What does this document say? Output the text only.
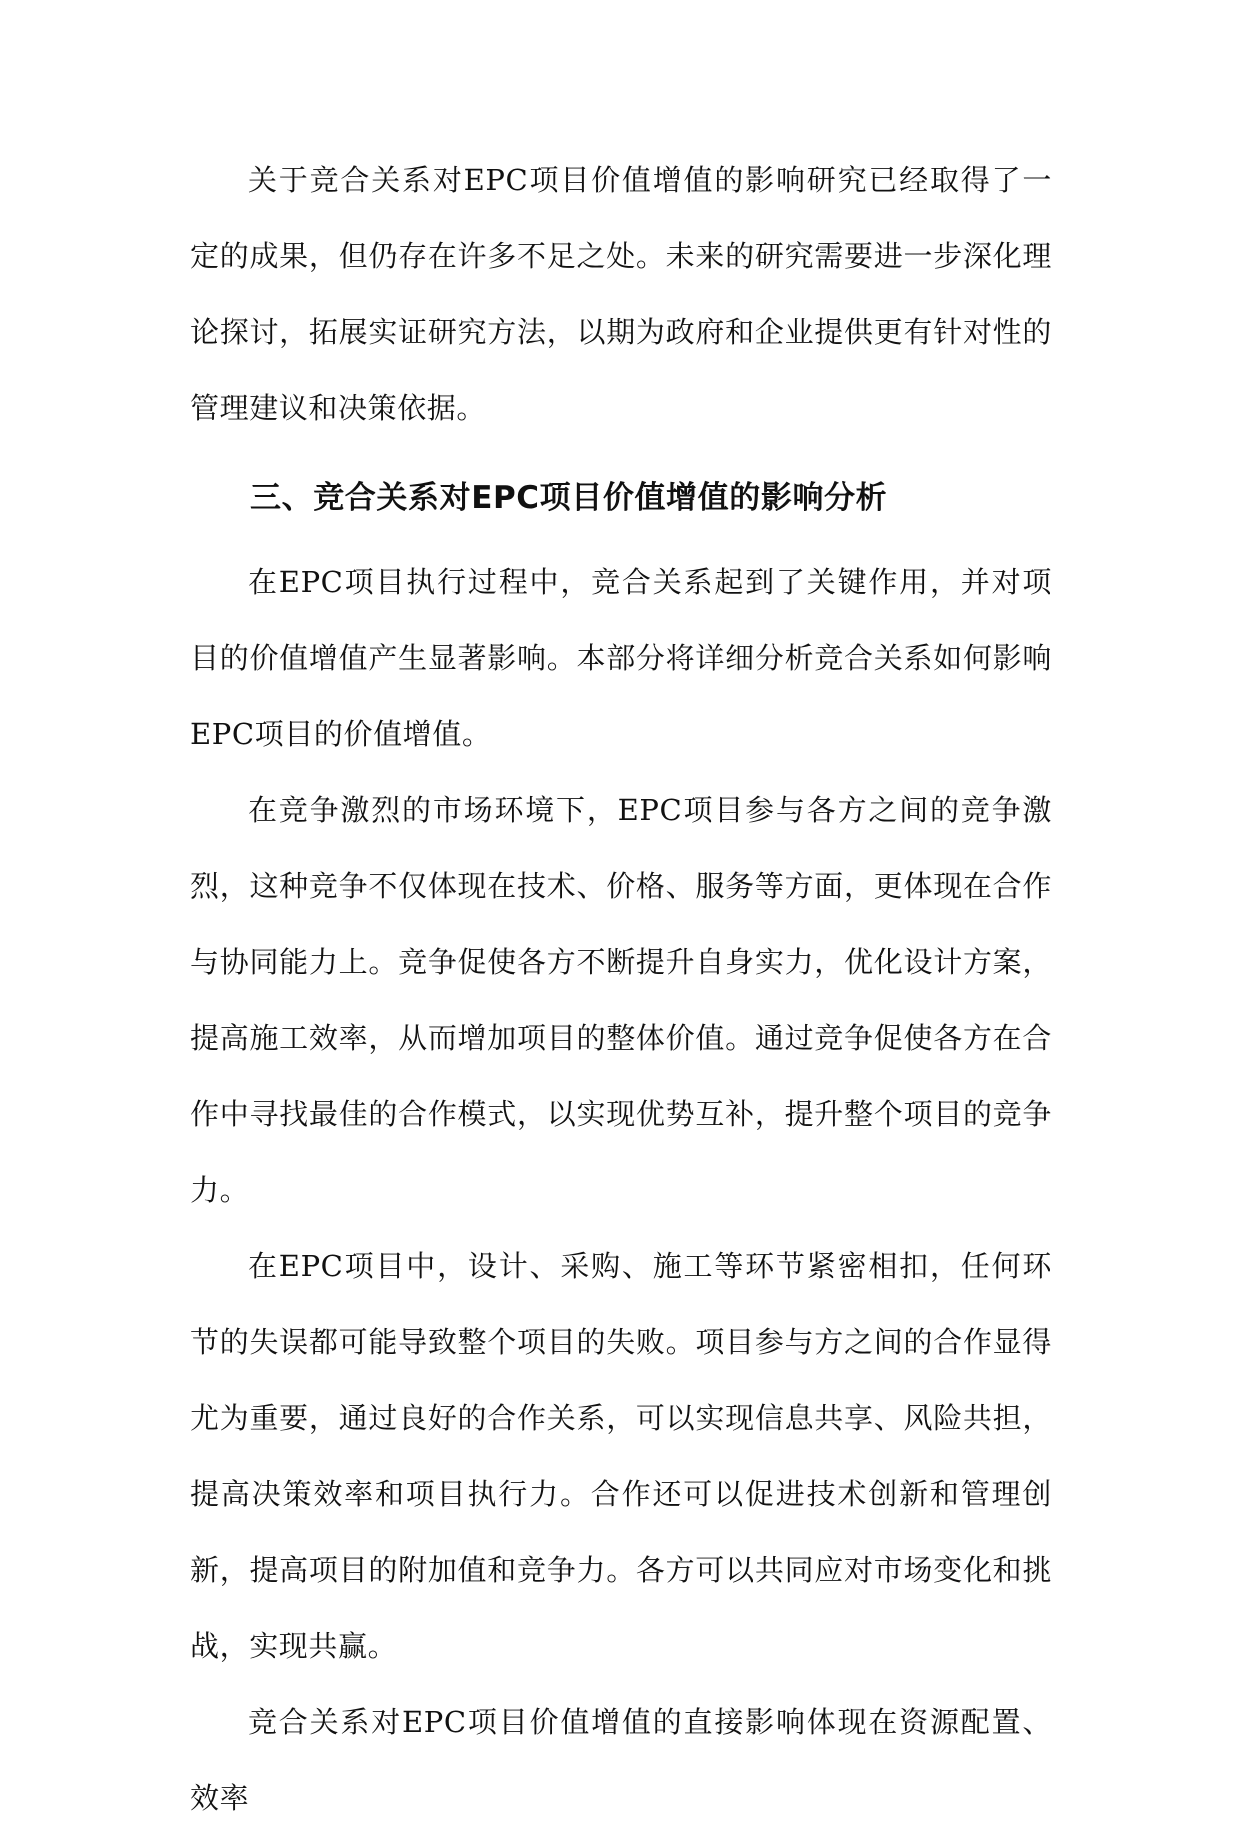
关于竞合关系对EPC项目价值增值的影响研究已经取得了一定的成果，但仍存在许多不足之处。未来的研究需要进一步深化理论探讨，拓展实证研究方法，以期为政府和企业提供更有针对性的管理建议和决策依据。

三、竞合关系对EPC项目价值增值的影响分析

在EPC项目执行过程中，竞合关系起到了关键作用，并对项目的价值增值产生显著影响。本部分将详细分析竞合关系如何影响EPC项目的价值增值。

在竞争激烈的市场环境下，EPC项目参与各方之间的竞争激烈，这种竞争不仅体现在技术、价格、服务等方面，更体现在合作与协同能力上。竞争促使各方不断提升自身实力，优化设计方案，提高施工效率，从而增加项目的整体价值。通过竞争促使各方在合作中寻找最佳的合作模式，以实现优势互补，提升整个项目的竞争力。

在EPC项目中，设计、采购、施工等环节紧密相扣，任何环节的失误都可能导致整个项目的失败。项目参与方之间的合作显得尤为重要，通过良好的合作关系，可以实现信息共享、风险共担，提高决策效率和项目执行力。合作还可以促进技术创新和管理创新，提高项目的附加值和竞争力。各方可以共同应对市场变化和挑战，实现共赢。

竞合关系对EPC项目价值增值的直接影响体现在资源配置、效率
